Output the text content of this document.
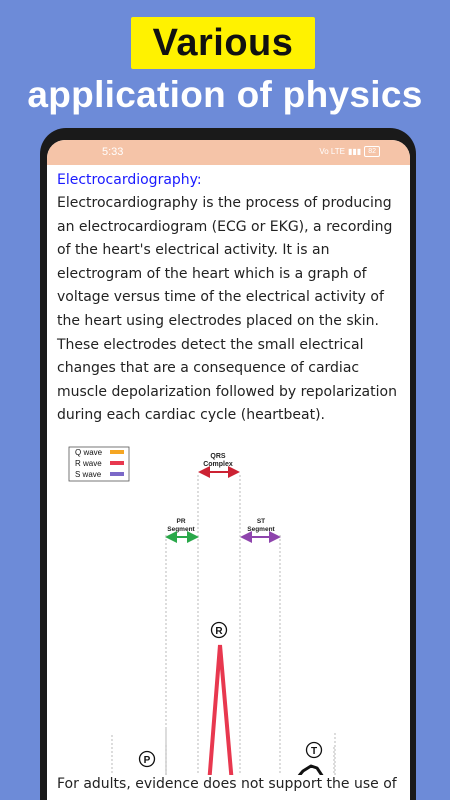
Various
application of physics
5:33	Vo LTE ▮▮▮	82
Electrocardiography:
Electrocardiography is the process of producing an electrocardiogram (ECG or EKG), a recording of the heart's electrical activity. It is an electrogram of the heart which is a graph of voltage versus time of the electrical activity of the heart using electrodes placed on the skin. These electrodes detect the small electrical changes that are a consequence of cardiac muscle depolarization followed by repolarization during each cardiac cycle (heartbeat).
Q wave
R wave
S wave
QRS
Complex
PR
Segment
ST
Segment
P
R
T
For adults, evidence does not support the use of
